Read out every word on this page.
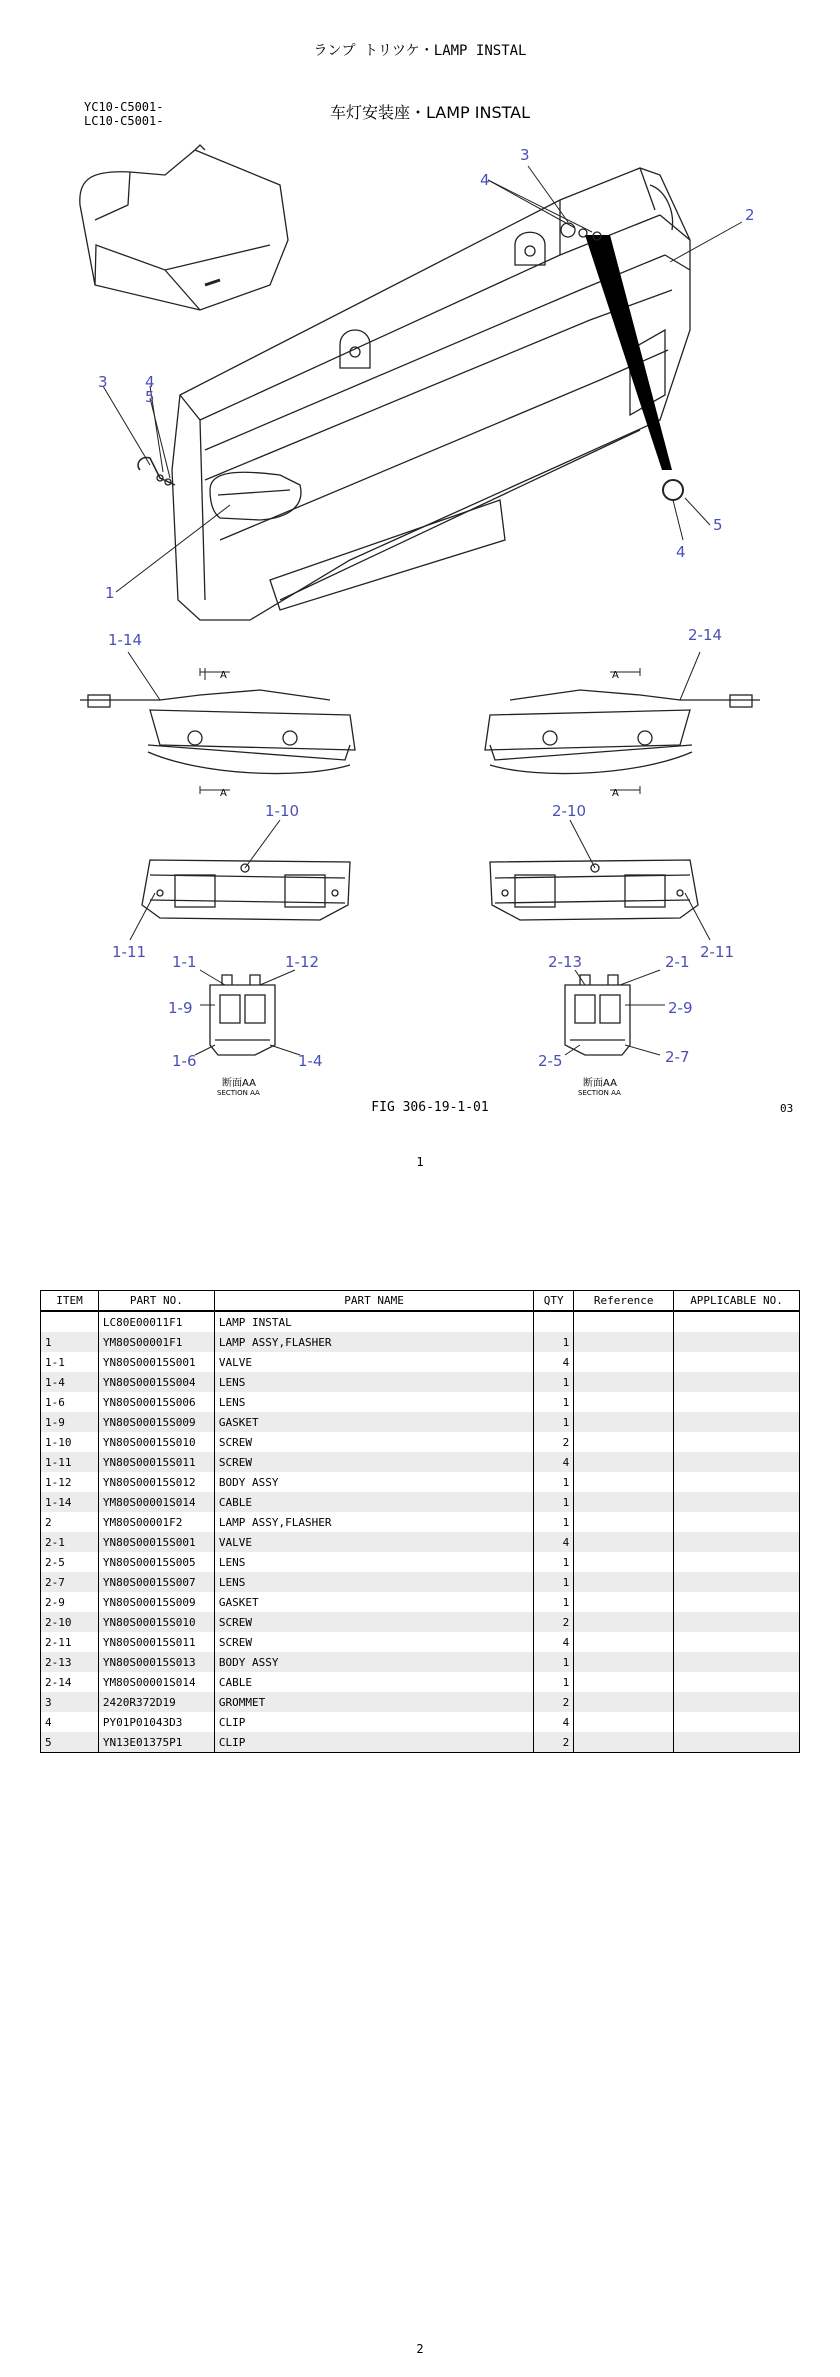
ランプ トリツケ・LAMP INSTAL
YC10-C5001-
LC10-C5001-	车灯安装座・LAMP INSTAL
3
4
2
3 4
5
1
5
4
1-14	2-14
1-10	2-10
1-11	2-11
1-1	1-12	2-13	2-1
1-9	2-9
1-6	1-4	2-5	2-7
A
A
A
A
断面AA
SECTION AA
断面AA
SECTION AA
FIG 306-19-1-01	03
1
ITEM	PART NO.	PART NAME	QTY	Reference	APPLICABLE NO.
	LC80E00011F1	LAMP INSTAL			
1	YM80S00001F1	LAMP ASSY,FLASHER	1		
1-1	YN80S00015S001	VALVE	4		
1-4	YN80S00015S004	LENS	1		
1-6	YN80S00015S006	LENS	1		
1-9	YN80S00015S009	GASKET	1		
1-10	YN80S00015S010	SCREW	2		
1-11	YN80S00015S011	SCREW	4		
1-12	YN80S00015S012	BODY ASSY	1		
1-14	YM80S00001S014	CABLE	1		
2	YM80S00001F2	LAMP ASSY,FLASHER	1		
2-1	YN80S00015S001	VALVE	4		
2-5	YN80S00015S005	LENS	1		
2-7	YN80S00015S007	LENS	1		
2-9	YN80S00015S009	GASKET	1		
2-10	YN80S00015S010	SCREW	2		
2-11	YN80S00015S011	SCREW	4		
2-13	YN80S00015S013	BODY ASSY	1		
2-14	YM80S00001S014	CABLE	1		
3	2420R372D19	GROMMET	2		
4	PY01P01043D3	CLIP	4		
5	YN13E01375P1	CLIP	2		
2
